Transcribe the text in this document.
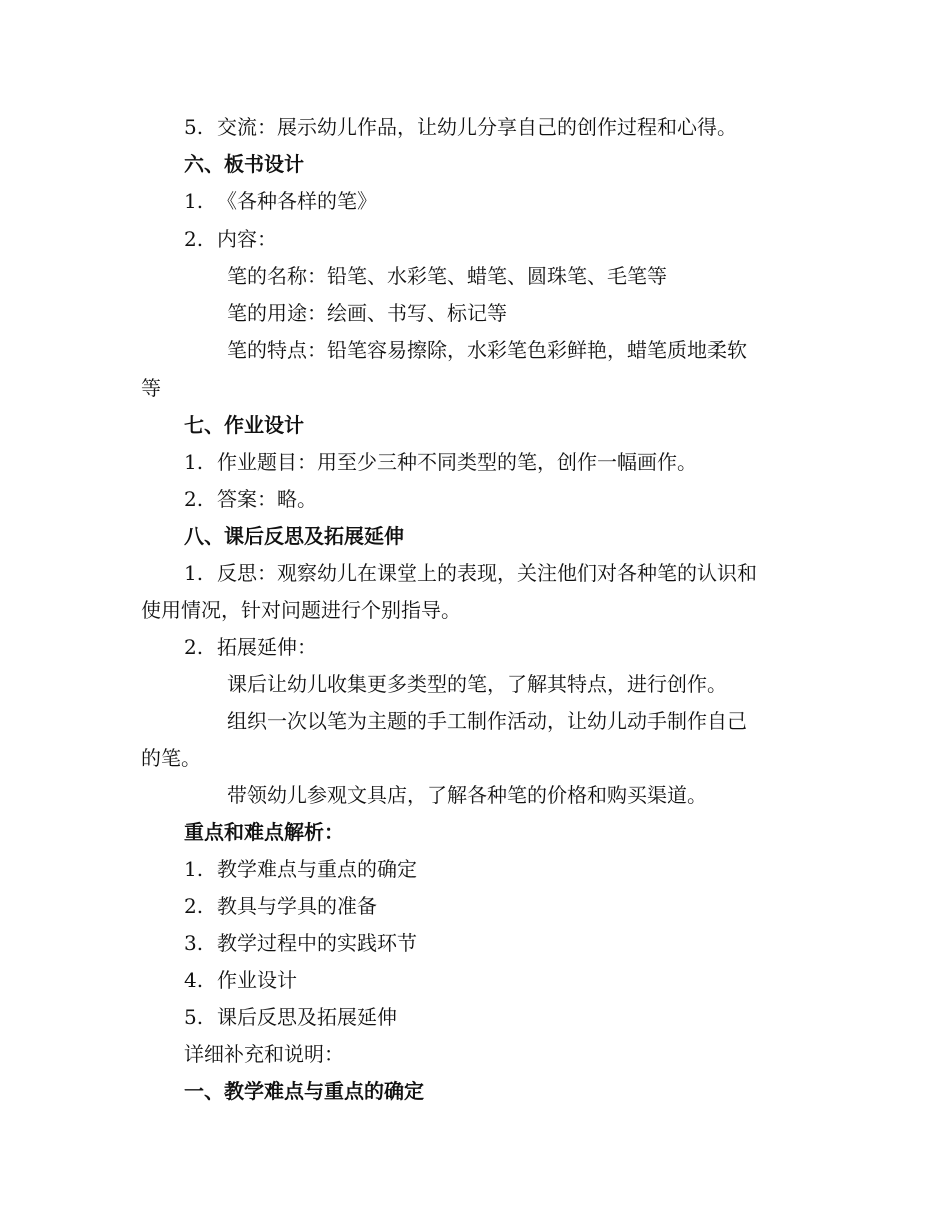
5. 交流：展示幼儿作品，让幼儿分享自己的创作过程和心得。
六、板书设计
1. 《各种各样的笔》
2. 内容：
笔的名称：铅笔、水彩笔、蜡笔、圆珠笔、毛笔等
笔的用途：绘画、书写、标记等
笔的特点：铅笔容易擦除，水彩笔色彩鲜艳，蜡笔质地柔软
等
七、作业设计
1. 作业题目：用至少三种不同类型的笔，创作一幅画作。
2. 答案：略。
八、课后反思及拓展延伸
1. 反思：观察幼儿在课堂上的表现，关注他们对各种笔的认识和
使用情况，针对问题进行个别指导。
2. 拓展延伸：
课后让幼儿收集更多类型的笔，了解其特点，进行创作。
组织一次以笔为主题的手工制作活动，让幼儿动手制作自己
的笔。
带领幼儿参观文具店，了解各种笔的价格和购买渠道。
重点和难点解析：
1. 教学难点与重点的确定
2. 教具与学具的准备
3. 教学过程中的实践环节
4. 作业设计
5. 课后反思及拓展延伸
详细补充和说明：
一、教学难点与重点的确定
